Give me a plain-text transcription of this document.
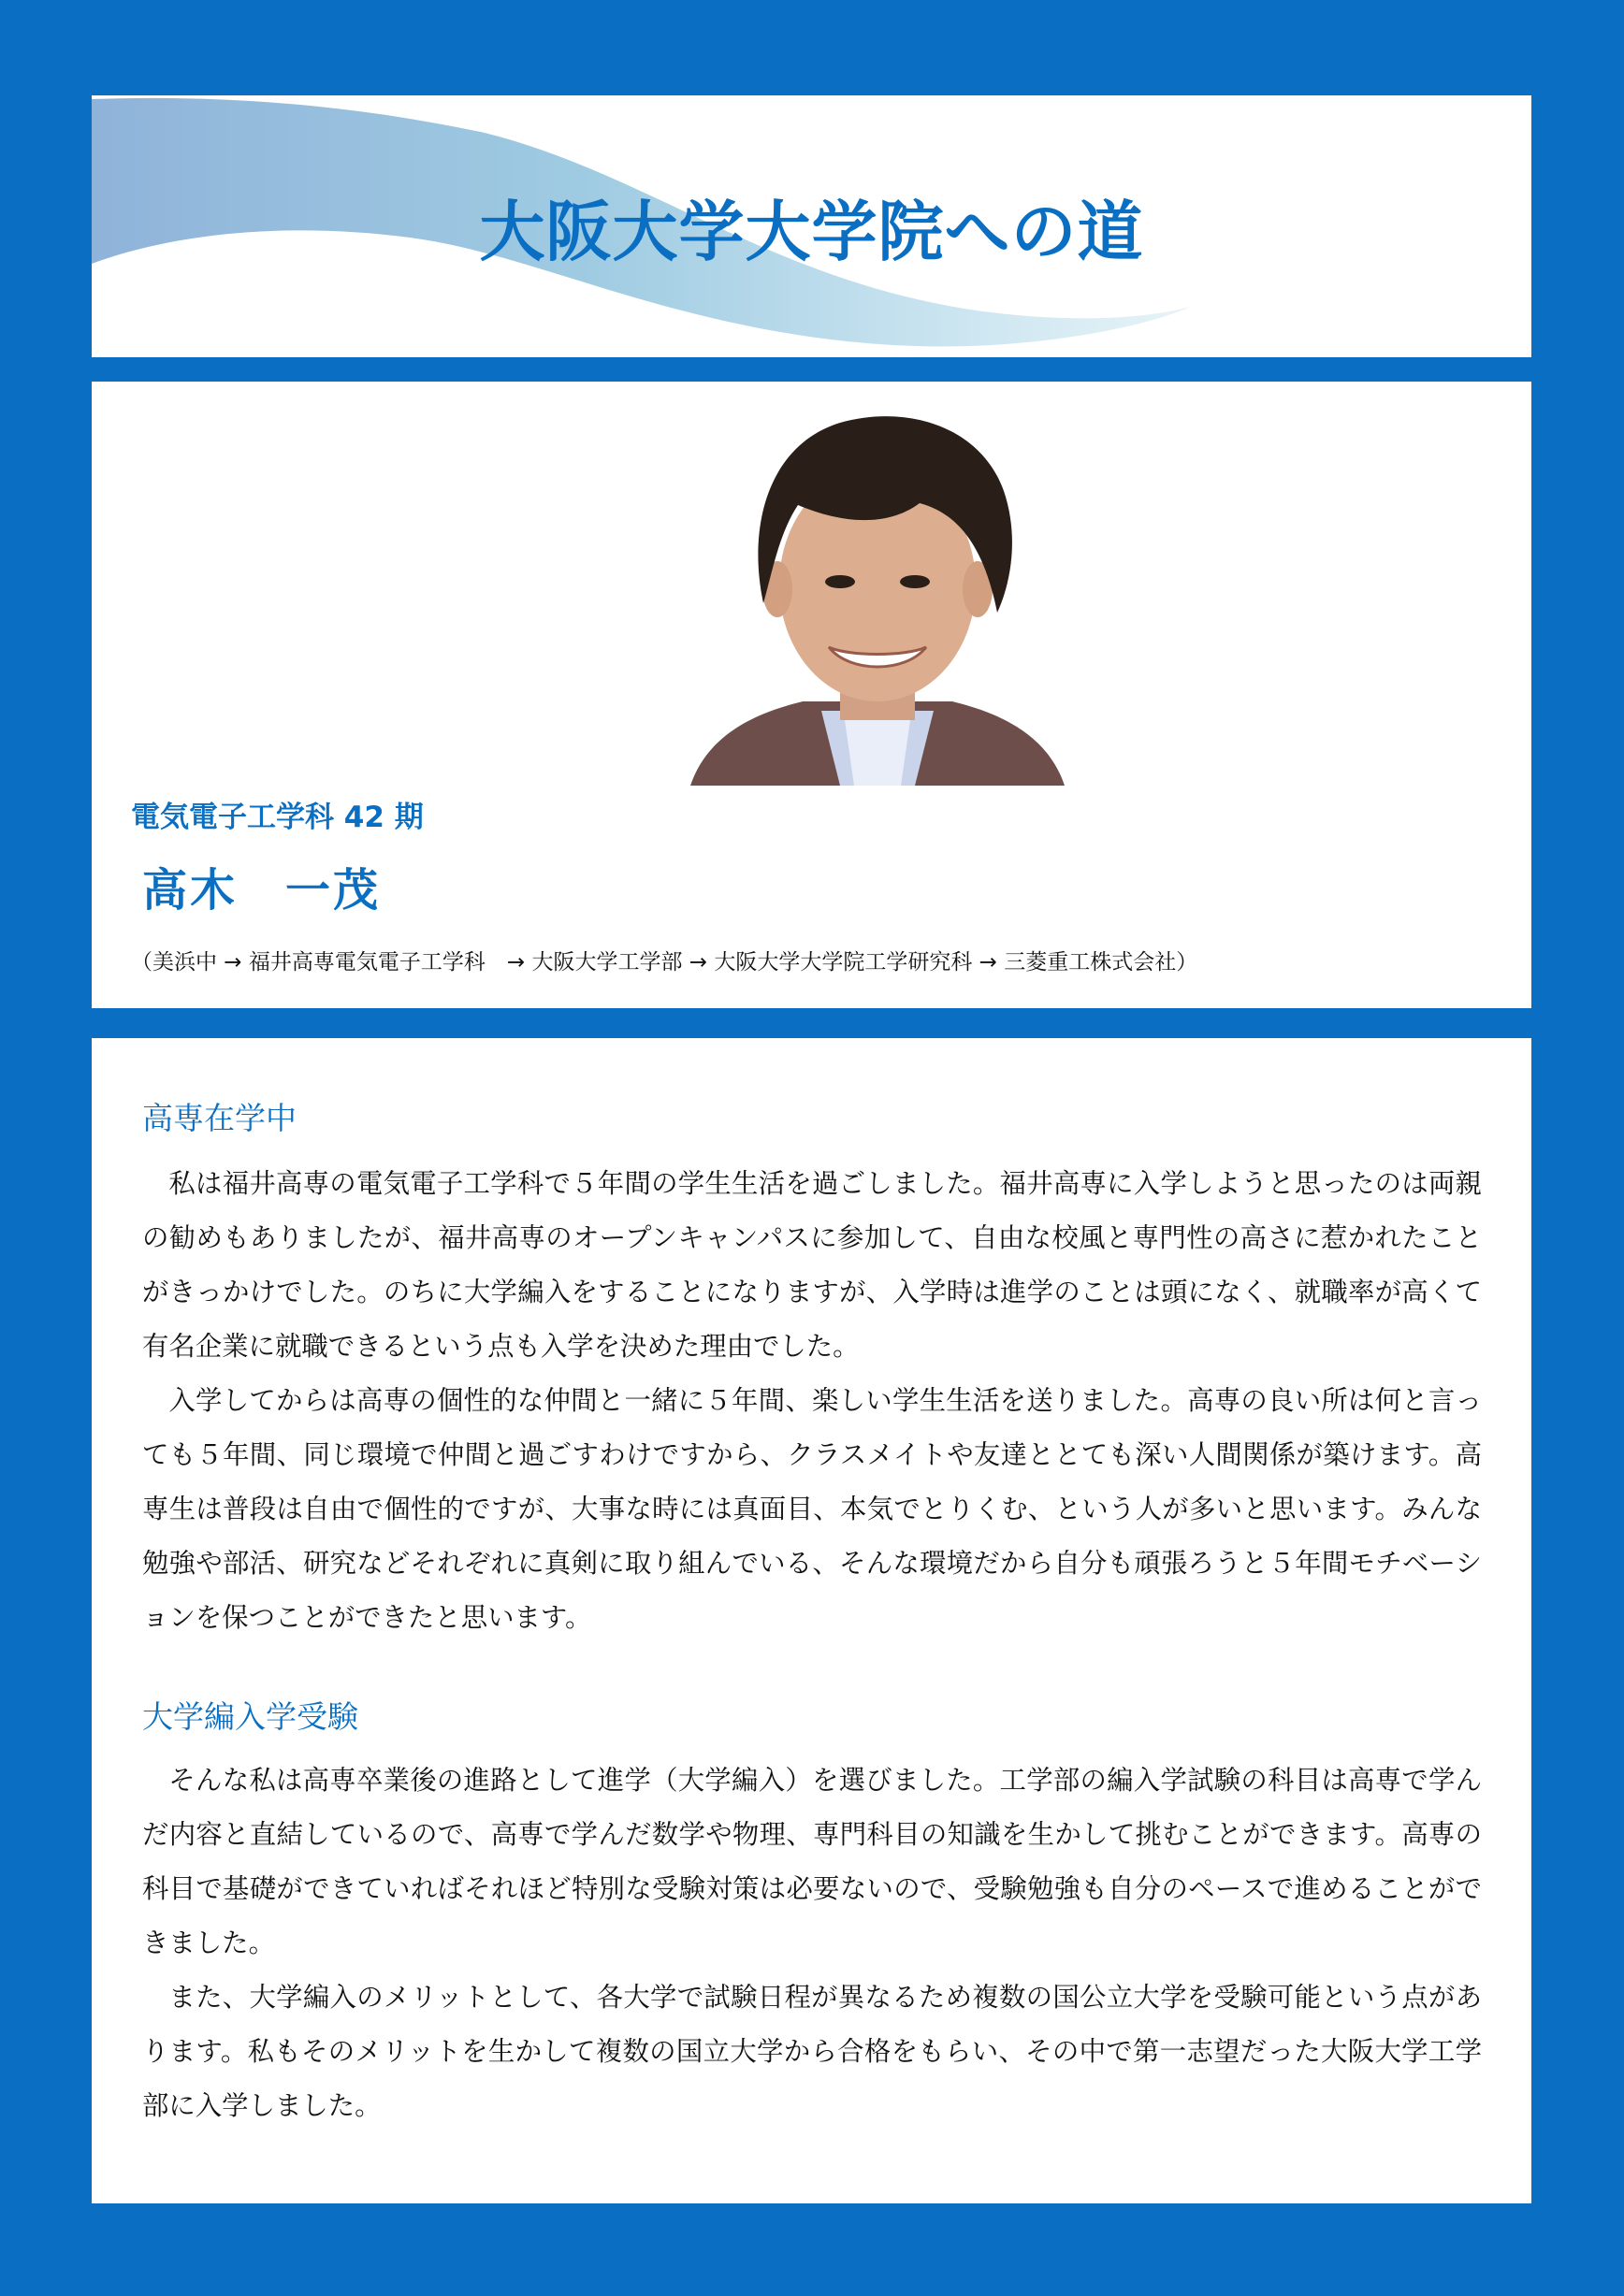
大阪大学大学院への道
電気電子工学科 42 期
高木　一茂
（美浜中 → 福井高専電気電子工学科　→ 大阪大学工学部 → 大阪大学大学院工学研究科 → 三菱重工株式会社）
高専在学中

私は福井高専の電気電子工学科で５年間の学生生活を過ごしました。福井高専に入学しようと思ったのは両親の勧めもありましたが、福井高専のオープンキャンパスに参加して、自由な校風と専門性の高さに惹かれたことがきっかけでした。のちに大学編入をすることになりますが、入学時は進学のことは頭になく、就職率が高くて有名企業に就職できるという点も入学を決めた理由でした。

入学してからは高専の個性的な仲間と一緒に５年間、楽しい学生生活を送りました。高専の良い所は何と言っても５年間、同じ環境で仲間と過ごすわけですから、クラスメイトや友達ととても深い人間関係が築けます。高専生は普段は自由で個性的ですが、大事な時には真面目、本気でとりくむ、という人が多いと思います。みんな勉強や部活、研究などそれぞれに真剣に取り組んでいる、そんな環境だから自分も頑張ろうと５年間モチベーションを保つことができたと思います。

大学編入学受験

そんな私は高専卒業後の進路として進学（大学編入）を選びました。工学部の編入学試験の科目は高専で学んだ内容と直結しているので、高専で学んだ数学や物理、専門科目の知識を生かして挑むことができます。高専の科目で基礎ができていればそれほど特別な受験対策は必要ないので、受験勉強も自分のペースで進めることができました。

また、大学編入のメリットとして、各大学で試験日程が異なるため複数の国公立大学を受験可能という点があります。私もそのメリットを生かして複数の国立大学から合格をもらい、その中で第一志望だった大阪大学工学部に入学しました。
